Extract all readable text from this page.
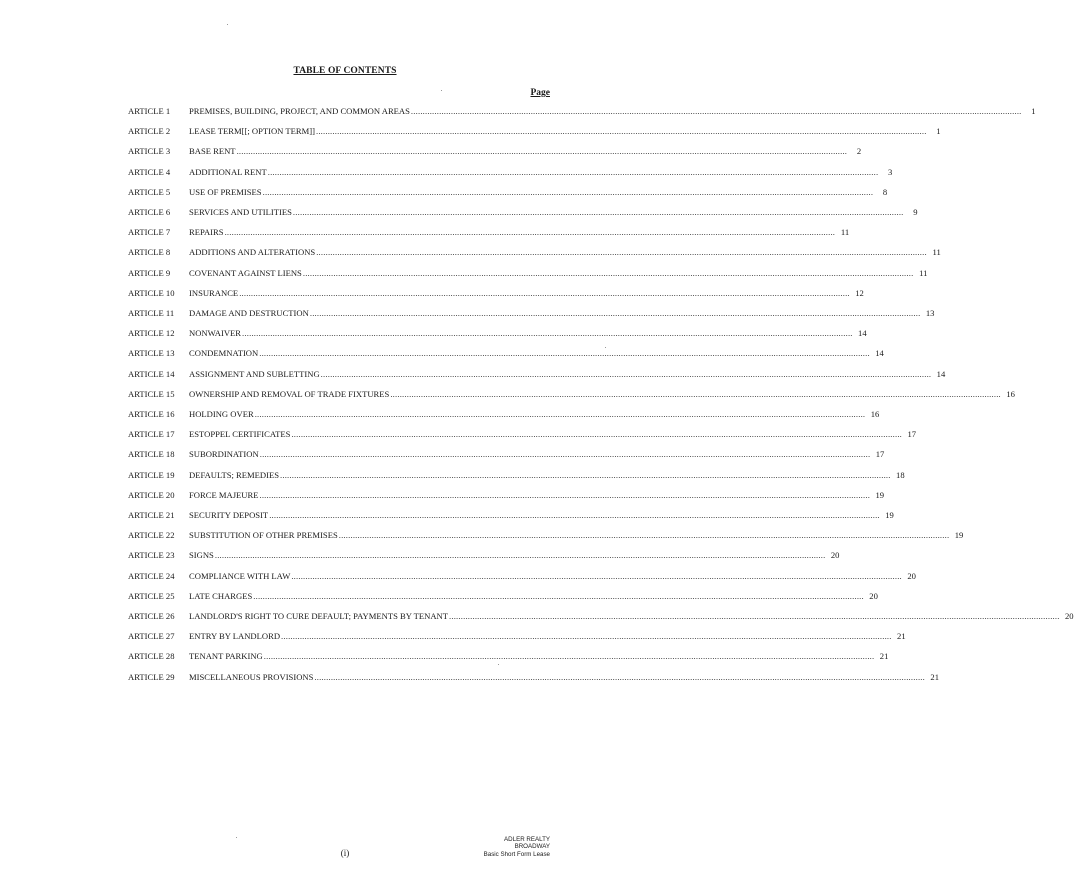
TABLE OF CONTENTS
Page
ARTICLE 1	PREMISES, BUILDING, PROJECT, AND COMMON AREAS ....................................................................................................................................................................................................................................................................	1
ARTICLE 2	LEASE TERM[[; OPTION TERM]] ....................................................................................................................................................................................................................................................................	1
ARTICLE 3	BASE RENT ....................................................................................................................................................................................................................................................................	2
ARTICLE 4	ADDITIONAL RENT ....................................................................................................................................................................................................................................................................	3
ARTICLE 5	USE OF PREMISES ....................................................................................................................................................................................................................................................................	8
ARTICLE 6	SERVICES AND UTILITIES ....................................................................................................................................................................................................................................................................	9
ARTICLE 7	REPAIRS .................................................................................................................................................................................................................................................................... 11
ARTICLE 8	ADDITIONS AND ALTERATIONS .................................................................................................................................................................................................................................................................... 11
ARTICLE 9	COVENANT AGAINST LIENS .................................................................................................................................................................................................................................................................... 11
ARTICLE 10	INSURANCE .................................................................................................................................................................................................................................................................... 12
ARTICLE 11	DAMAGE AND DESTRUCTION .................................................................................................................................................................................................................................................................... 13
ARTICLE 12	NONWAIVER .................................................................................................................................................................................................................................................................... 14
ARTICLE 13	CONDEMNATION .................................................................................................................................................................................................................................................................... 14
ARTICLE 14	ASSIGNMENT AND SUBLETTING .................................................................................................................................................................................................................................................................... 14
ARTICLE 15	OWNERSHIP AND REMOVAL OF TRADE FIXTURES .................................................................................................................................................................................................................................................................... 16
ARTICLE 16	HOLDING OVER .................................................................................................................................................................................................................................................................... 16
ARTICLE 17	ESTOPPEL CERTIFICATES .................................................................................................................................................................................................................................................................... 17
ARTICLE 18	SUBORDINATION .................................................................................................................................................................................................................................................................... 17
ARTICLE 19	DEFAULTS; REMEDIES .................................................................................................................................................................................................................................................................... 18
ARTICLE 20	FORCE MAJEURE .................................................................................................................................................................................................................................................................... 19
ARTICLE 21	SECURITY DEPOSIT .................................................................................................................................................................................................................................................................... 19
ARTICLE 22	SUBSTITUTION OF OTHER PREMISES .................................................................................................................................................................................................................................................................... 19
ARTICLE 23	SIGNS .................................................................................................................................................................................................................................................................... 20
ARTICLE 24	COMPLIANCE WITH LAW .................................................................................................................................................................................................................................................................... 20
ARTICLE 25	LATE CHARGES .................................................................................................................................................................................................................................................................... 20
ARTICLE 26	LANDLORD'S RIGHT TO CURE DEFAULT; PAYMENTS BY TENANT .................................................................................................................................................................................................................................................................... 20
ARTICLE 27	ENTRY BY LANDLORD .................................................................................................................................................................................................................................................................... 21
ARTICLE 28	TENANT PARKING .................................................................................................................................................................................................................................................................... 21
ARTICLE 29	MISCELLANEOUS PROVISIONS .................................................................................................................................................................................................................................................................... 21
(i)
ADLER REALTY
BROADWAY
Basic Short Form Lease
